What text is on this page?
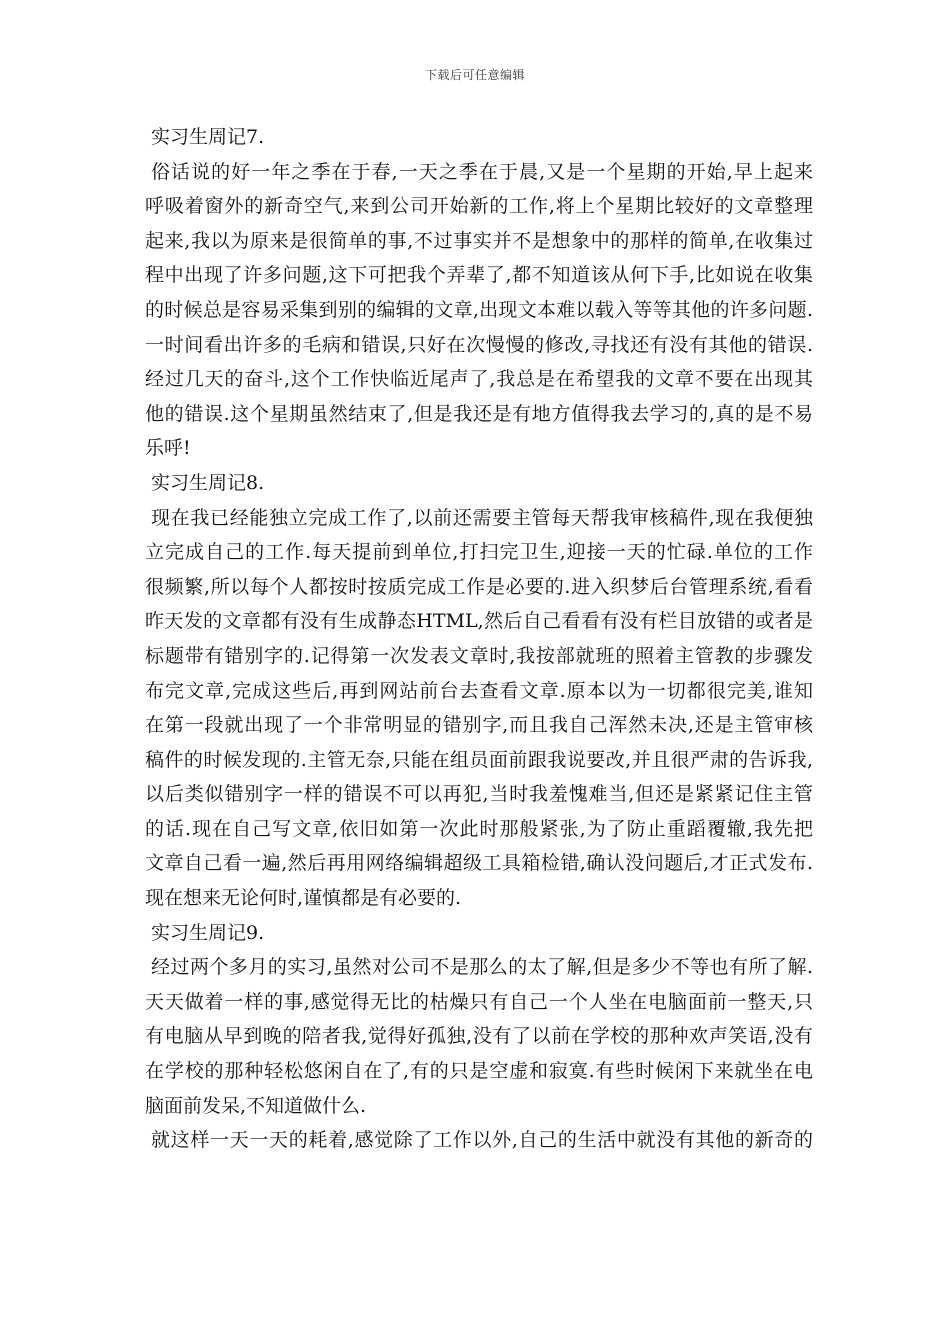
下载后可任意编辑
实习生周记7.
俗话说的好一年之季在于春,一天之季在于晨,又是一个星期的开始,早上起来
呼吸着窗外的新奇空气,来到公司开始新的工作,将上个星期比较好的文章整理
起来,我以为原来是很简单的事,不过事实并不是想象中的那样的简单,在收集过
程中出现了许多问题,这下可把我个弄辈了,都不知道该从何下手,比如说在收集
的时候总是容易采集到别的编辑的文章,出现文本难以载入等等其他的许多问题.
一时间看出许多的毛病和错误,只好在次慢慢的修改,寻找还有没有其他的错误.
经过几天的奋斗,这个工作快临近尾声了,我总是在希望我的文章不要在出现其
他的错误.这个星期虽然结束了,但是我还是有地方值得我去学习的,真的是不易
乐呼!
实习生周记8.
现在我已经能独立完成工作了,以前还需要主管每天帮我审核稿件,现在我便独
立完成自己的工作.每天提前到单位,打扫完卫生,迎接一天的忙碌.单位的工作
很频繁,所以每个人都按时按质完成工作是必要的.进入织梦后台管理系统,看看
昨天发的文章都有没有生成静态HTML,然后自己看看有没有栏目放错的或者是
标题带有错别字的.记得第一次发表文章时,我按部就班的照着主管教的步骤发
布完文章,完成这些后,再到网站前台去查看文章.原本以为一切都很完美,谁知
在第一段就出现了一个非常明显的错别字,而且我自己浑然未决,还是主管审核
稿件的时候发现的.主管无奈,只能在组员面前跟我说要改,并且很严肃的告诉我,
以后类似错别字一样的错误不可以再犯,当时我羞愧难当,但还是紧紧记住主管
的话.现在自己写文章,依旧如第一次此时那般紧张,为了防止重蹈覆辙,我先把
文章自己看一遍,然后再用网络编辑超级工具箱检错,确认没问题后,才正式发布.
现在想来无论何时,谨慎都是有必要的.
实习生周记9.
经过两个多月的实习,虽然对公司不是那么的太了解,但是多少不等也有所了解.
天天做着一样的事,感觉得无比的枯燥只有自己一个人坐在电脑面前一整天,只
有电脑从早到晚的陪者我,觉得好孤独,没有了以前在学校的那种欢声笑语,没有
在学校的那种轻松悠闲自在了,有的只是空虚和寂寞.有些时候闲下来就坐在电
脑面前发呆,不知道做什么.
就这样一天一天的耗着,感觉除了工作以外,自己的生活中就没有其他的新奇的
